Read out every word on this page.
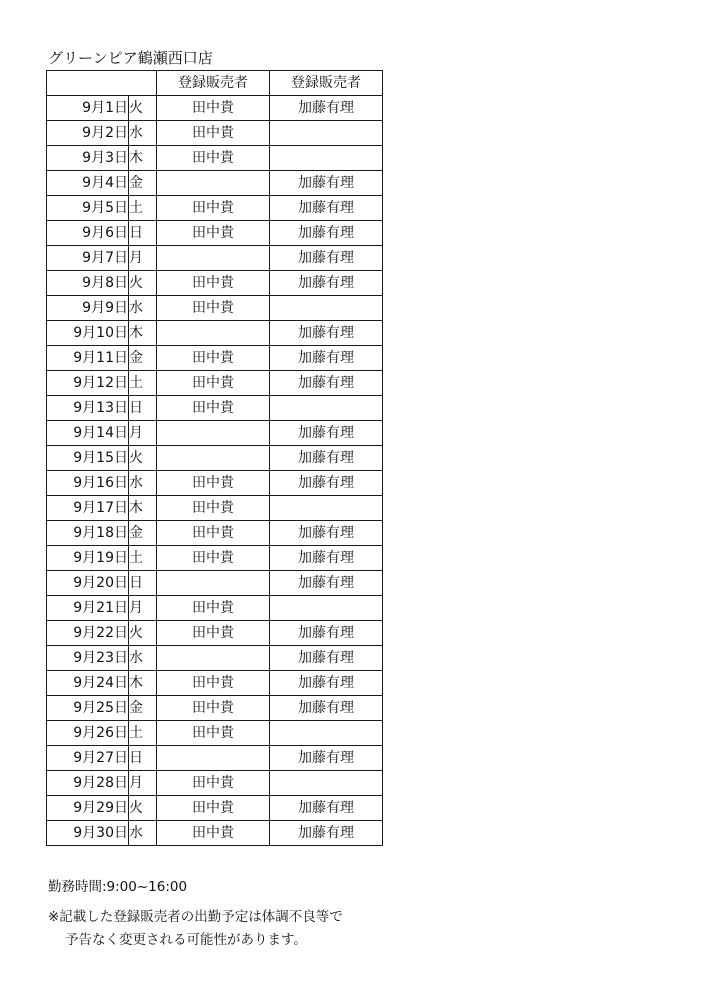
グリーンピア鶴瀬西口店
		登録販売者	登録販売者
9月1日	火	田中貴	加藤有理
9月2日	水	田中貴	
9月3日	木	田中貴	
9月4日	金		加藤有理
9月5日	土	田中貴	加藤有理
9月6日	日	田中貴	加藤有理
9月7日	月		加藤有理
9月8日	火	田中貴	加藤有理
9月9日	水	田中貴	
9月10日	木		加藤有理
9月11日	金	田中貴	加藤有理
9月12日	土	田中貴	加藤有理
9月13日	日	田中貴	
9月14日	月		加藤有理
9月15日	火		加藤有理
9月16日	水	田中貴	加藤有理
9月17日	木	田中貴	
9月18日	金	田中貴	加藤有理
9月19日	土	田中貴	加藤有理
9月20日	日		加藤有理
9月21日	月	田中貴	
9月22日	火	田中貴	加藤有理
9月23日	水		加藤有理
9月24日	木	田中貴	加藤有理
9月25日	金	田中貴	加藤有理
9月26日	土	田中貴	
9月27日	日		加藤有理
9月28日	月	田中貴	
9月29日	火	田中貴	加藤有理
9月30日	水	田中貴	加藤有理
勤務時間:9:00~16:00
※記載した登録販売者の出勤予定は体調不良等で
予告なく変更される可能性があります。
